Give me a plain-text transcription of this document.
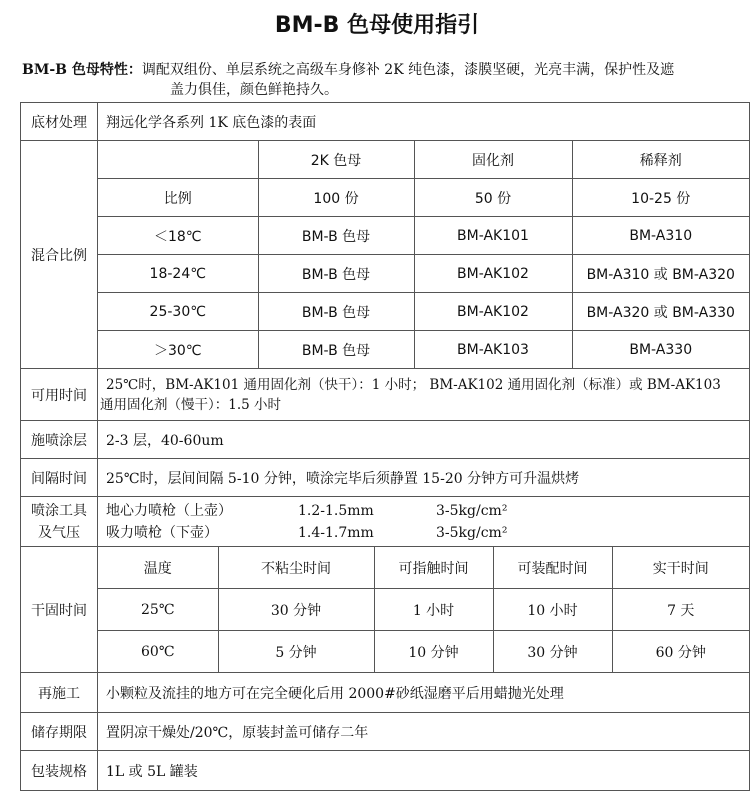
BM-B 色母使用指引
BM-B 色母特性：调配双组份、单层系统之高级车身修补 2K 纯色漆，漆膜坚硬，光亮丰满，保护性及遮
盖力俱佳，颜色鲜艳持久。
底材处理	翔远化学各系列 1K 底色漆的表面
混合比例	
	2K 色母	固化剂	稀释剂
比例	100 份	50 份	10-25 份
＜18℃	BM-B 色母	BM-AK101	BM-A310
18-24℃	BM-B 色母	BM-AK102	BM-A310 或 BM-A320
25-30℃	BM-B 色母	BM-AK102	BM-A320 或 BM-A330
＞30℃	BM-B 色母	BM-AK103	BM-A330

可用时间	
25℃时，BM-AK101 通用固化剂（快干）：1 小时； BM-AK102 通用固化剂（标准）或 BM-AK103
通用固化剂（慢干）：1.5 小时

施喷涂层	2-3 层，40-60um
间隔时间	25℃时，层间间隔 5-10 分钟，喷涂完毕后须静置 15-20 分钟方可升温烘烤

喷涂工具
及气压

地心力喷枪（上壶）	1.2-1.5mm	3-5kg/cm²
吸力喷枪（下壶）	1.4-1.7mm	3-5kg/cm²

干固时间	
温度	不粘尘时间	可指触时间	可装配时间	实干时间
25℃	30 分钟	1 小时	10 小时	7 天
60℃	5 分钟	10 分钟	30 分钟	60 分钟

再施工	小颗粒及流挂的地方可在完全硬化后用 2000#砂纸湿磨平后用蜡抛光处理
储存期限	置阴凉干燥处/20℃，原装封盖可储存二年
包装规格	1L 或 5L 罐装
